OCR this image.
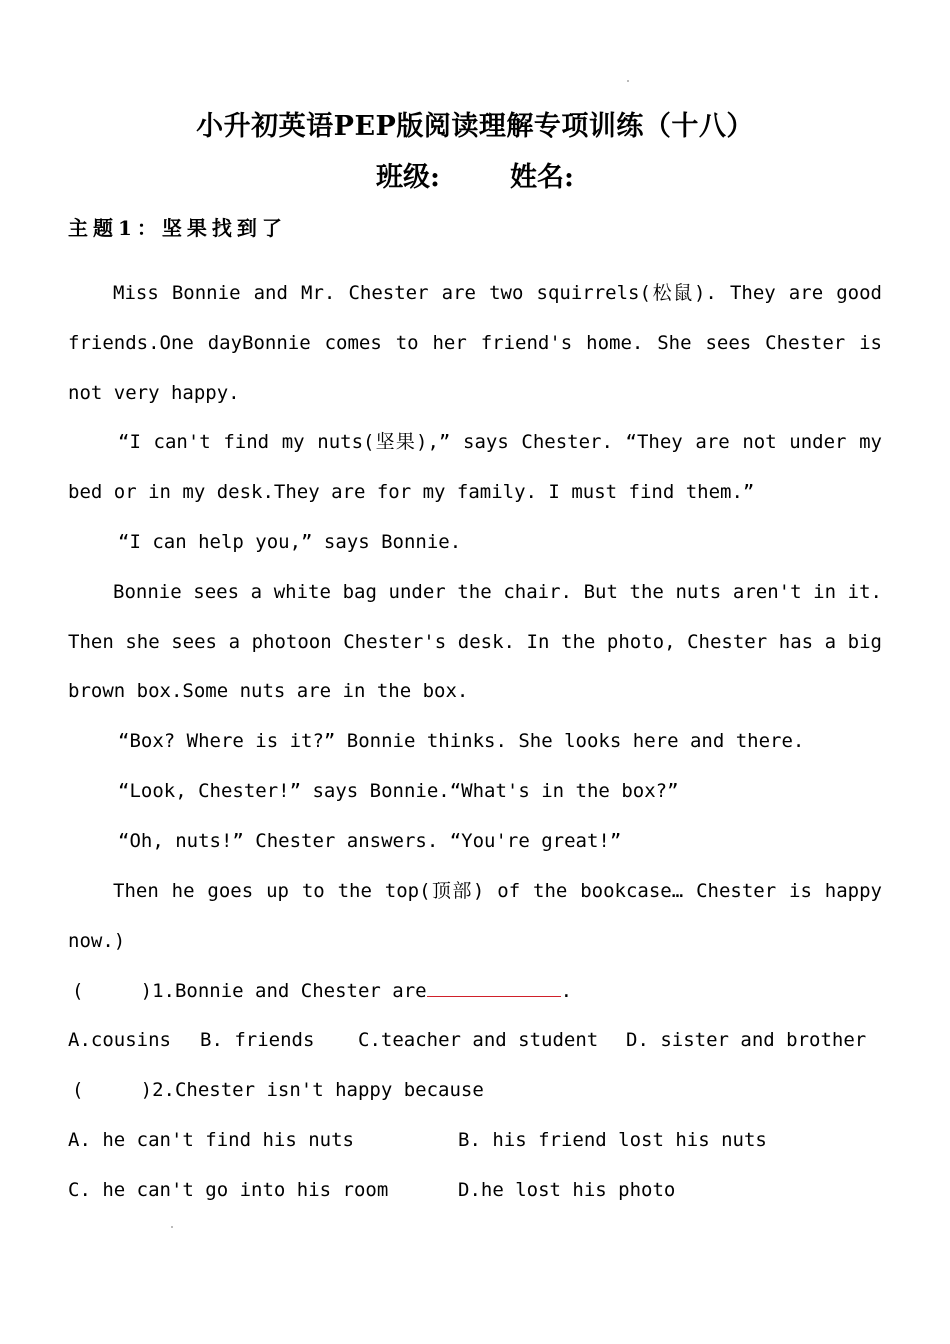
小升初英语PEP版阅读理解专项训练（十八）
班级:	姓名:
主题1：坚果找到了
Miss Bonnie and Mr. Chester are two squirrels(松鼠). They are good
friends.One dayBonnie comes to her friend's home. She sees Chester is
not very happy.
“I can't find my nuts(坚果),” says Chester. “They are not under my
bed or in my desk.They are for my family. I must find them.”
“I can help you,” says Bonnie.
Bonnie sees a white bag under the chair. But the nuts aren't in it.
Then she sees a photoon Chester's desk. In the photo, Chester has a big
brown box.Some nuts are in the box.
“Box? Where is it?” Bonnie thinks. She looks here and there.
“Look, Chester!” says Bonnie.“What's in the box?”
“Oh, nuts!” Chester answers. “You're great!”
Then he goes up to the top(顶部) of the bookcase… Chester is happy
now.)
(     )1.Bonnie and Chester are	.
A.cousins B. friends C.teacher and student D. sister and brother
(     )2.Chester isn't happy because
A. he can't find his nuts	B. his friend lost his nuts
C. he can't go into his room	D.he lost his photo
